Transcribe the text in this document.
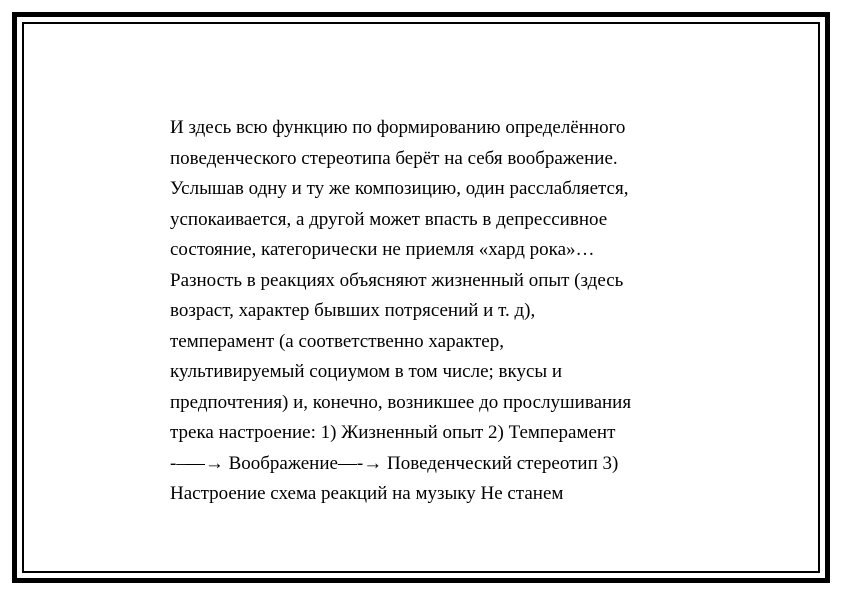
И здесь всю функцию по формированию определённого
поведенческого стереотипа берёт на себя воображение.
Услышав одну и ту же композицию, один расслабляется,
успокаивается, а другой может впасть в депрессивное
состояние, категорически не приемля «хард рока»…
Разность в реакциях объясняют жизненный опыт (здесь
возраст, характер бывших потрясений и т. д),
темперамент (а соответственно характер,
культивируемый социумом в том числе; вкусы и
предпочтения) и, конечно, возникшее до прослушивания
трека настроение: 1) Жизненный опыт 2) Темперамент
-–—→ Воображение—-→ Поведенческий стереотип 3)
Настроение схема реакций на музыку Не станем
